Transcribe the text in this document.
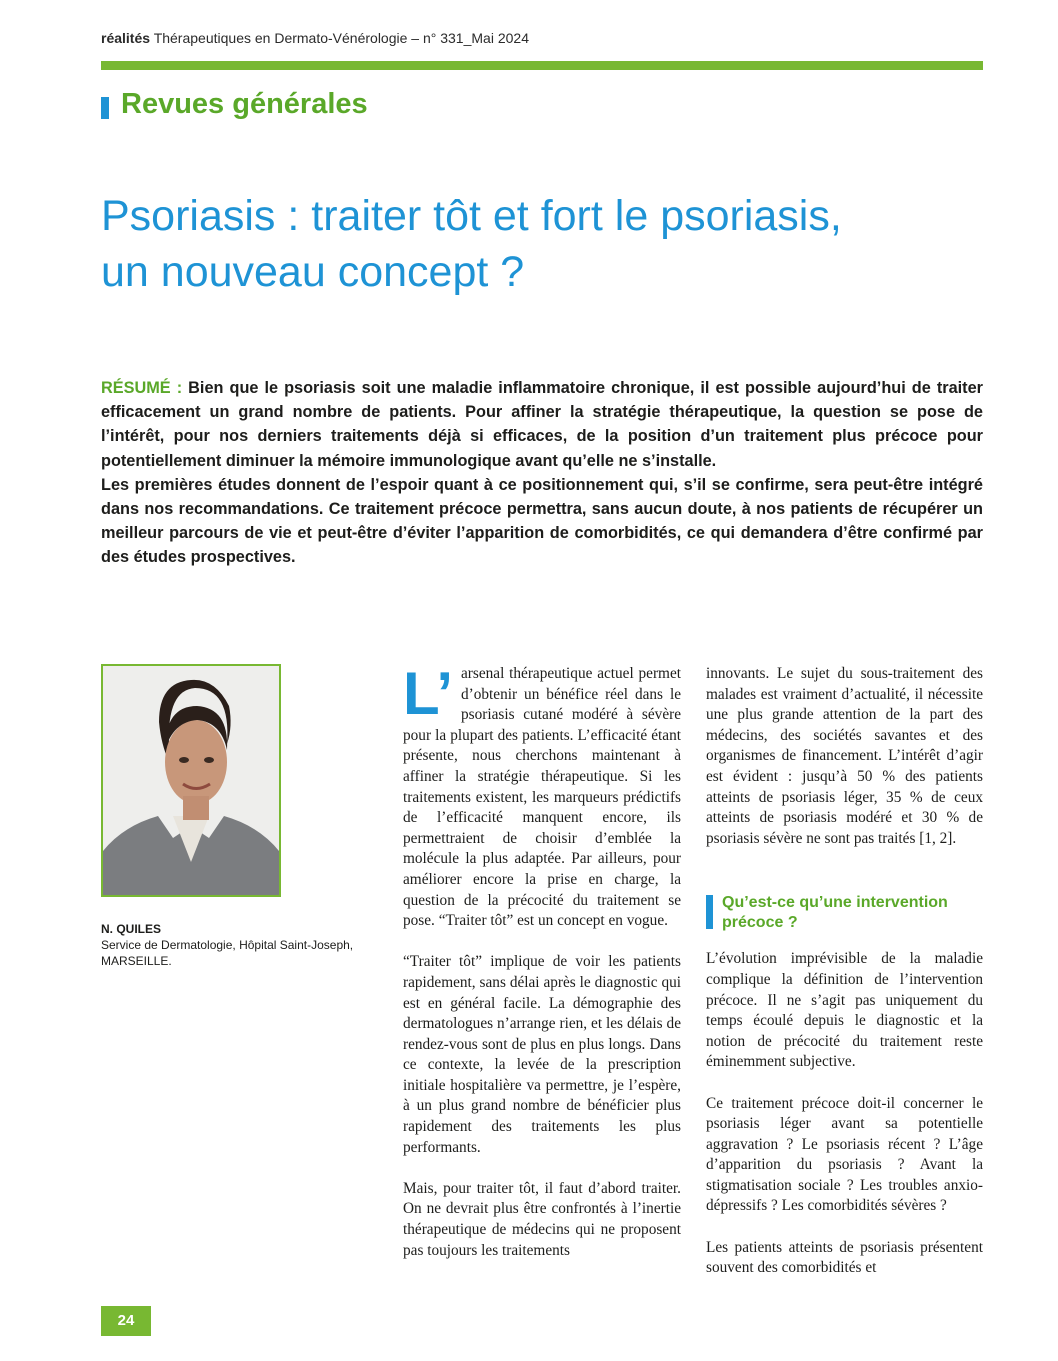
réalités Thérapeutiques en Dermato-Vénérologie – n° 331_Mai 2024
Revues générales
Psoriasis : traiter tôt et fort le psoriasis,
un nouveau concept ?

RÉSUMÉ : Bien que le psoriasis soit une maladie inflammatoire chronique, il est possible aujourd’hui de traiter efficacement un grand nombre de patients. Pour affiner la stratégie thérapeutique, la question se pose de l’intérêt, pour nos derniers traitements déjà si efficaces, de la position d’un traitement plus précoce pour potentiellement diminuer la mémoire immunologique avant qu’elle ne s’installe.

Les premières études donnent de l’espoir quant à ce positionnement qui, s’il se confirme, sera peut-être intégré dans nos recommandations. Ce traitement précoce permettra, sans aucun doute, à nos patients de récupérer un meilleur parcours de vie et peut-être d’éviter l’apparition de comorbidités, ce qui demandera d’être confirmé par des études prospectives.

N. QUILES
Service de Dermatologie, Hôpital Saint-Joseph,
MARSEILLE.

L’ arsenal thérapeutique actuel permet d’obtenir un bénéfice réel dans le psoriasis cutané modéré à sévère pour la plupart des patients. L’efficacité étant présente, nous cherchons maintenant à affiner la stratégie thérapeutique. Si les traitements existent, les marqueurs prédictifs de l’efficacité manquent encore, ils permettraient de choisir d’emblée la molécule la plus adaptée. Par ailleurs, pour améliorer encore la prise en charge, la question de la précocité du traitement se pose. “Traiter tôt” est un concept en vogue.

“Traiter tôt” implique de voir les patients rapidement, sans délai après le diagnostic qui est en général facile. La démographie des dermatologues n’arrange rien, et les délais de rendez-vous sont de plus en plus longs. Dans ce contexte, la levée de la prescription initiale hospitalière va permettre, je l’espère, à un plus grand nombre de bénéficier plus rapidement des traitements les plus performants.

Mais, pour traiter tôt, il faut d’abord traiter. On ne devrait plus être confrontés à l’inertie thérapeutique de médecins qui ne proposent pas toujours les traitements

innovants. Le sujet du sous-traitement des malades est vraiment d’actualité, il nécessite une plus grande attention de la part des médecins, des sociétés savantes et des organismes de financement. L’intérêt d’agir est évident : jusqu’à 50 % des patients atteints de psoriasis léger, 35 % de ceux atteints de psoriasis modéré et 30 % de psoriasis sévère ne sont pas traités [1, 2].

Qu’est-ce qu’une intervention
précoce ?

L’évolution imprévisible de la maladie complique la définition de l’intervention précoce. Il ne s’agit pas uniquement du temps écoulé depuis le diagnostic et la notion de précocité du traitement reste éminemment subjective.

Ce traitement précoce doit-il concerner le psoriasis léger avant sa potentielle aggravation ? Le psoriasis récent ? L’âge d’apparition du psoriasis ? Avant la stigmatisation sociale ? Les troubles anxio-dépressifs ? Les comorbidités sévères ?

Les patients atteints de psoriasis présentent souvent des comorbidités et

24
